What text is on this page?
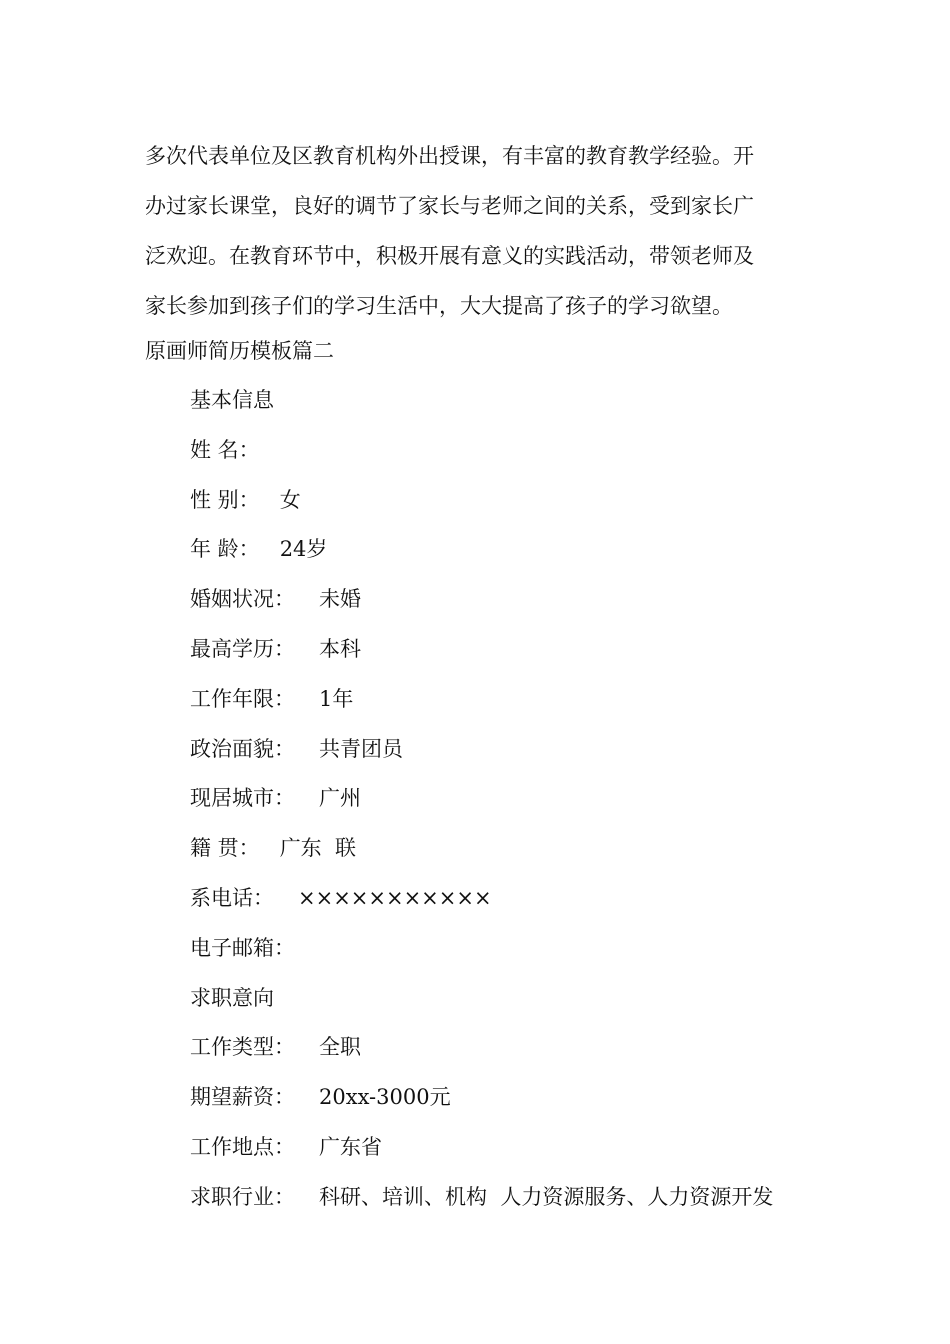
多次代表单位及区教育机构外出授课，有丰富的教育教学经验。开
办过家长课堂，良好的调节了家长与老师之间的关系，受到家长广
泛欢迎。在教育环节中，积极开展有意义的实践活动，带领老师及
家长参加到孩子们的学习生活中，大大提高了孩子的学习欲望。
原画师简历模板篇二
基本信息
姓 名：
性 别： 女
年 龄： 24岁
婚姻状况： 未婚
最高学历： 本科
工作年限： 1年
政治面貌： 共青团员
现居城市： 广州
籍 贯： 广东  联
系电话： ×××××××××××
电子邮箱：
求职意向
工作类型： 全职
期望薪资： 20xx-3000元
工作地点： 广东省
求职行业： 科研、培训、机构  人力资源服务、人力资源开发
